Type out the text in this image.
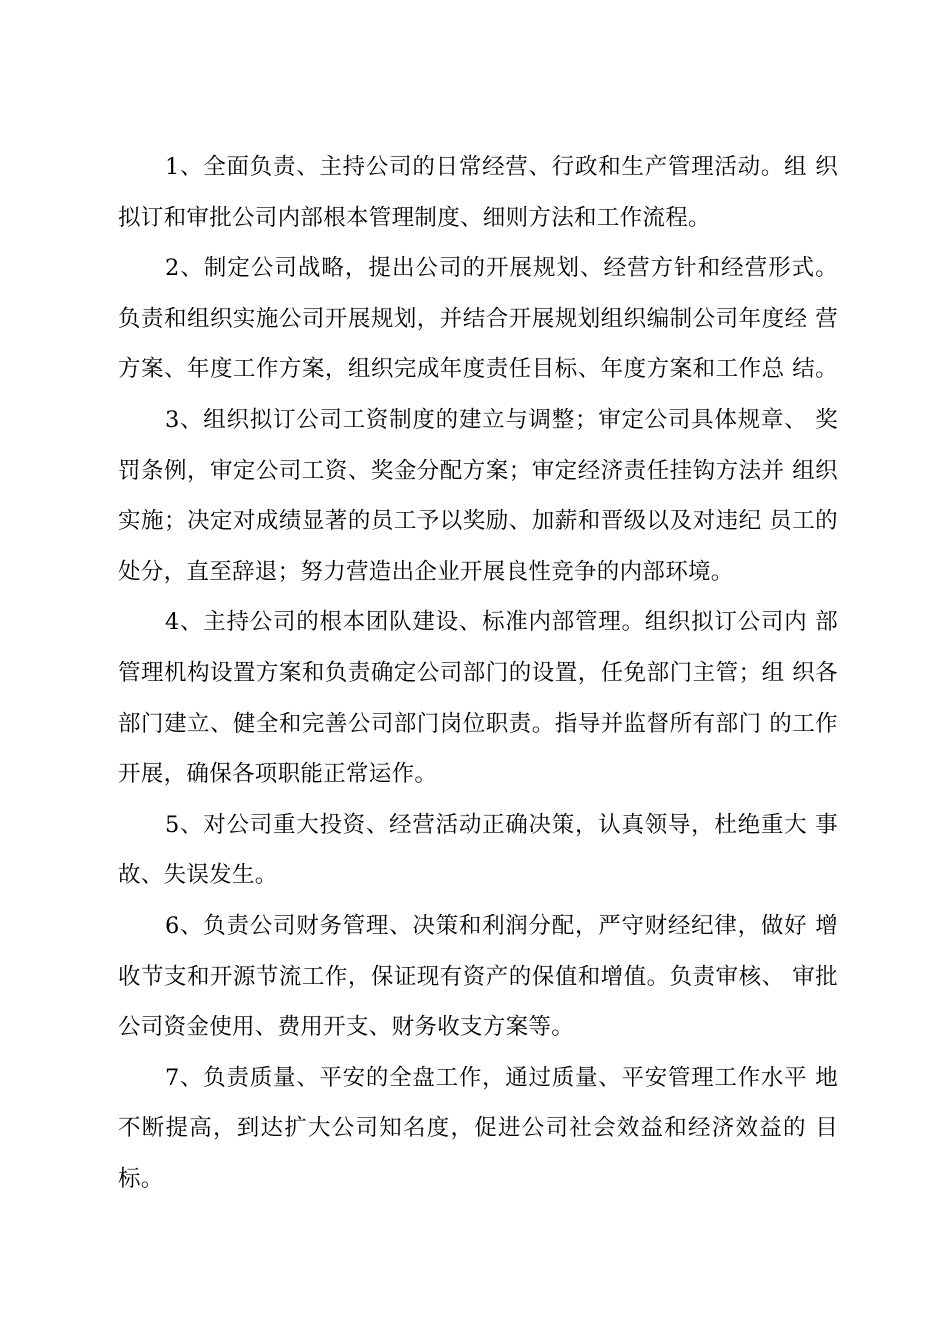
1、全面负责、主持公司的日常经营、行政和生产管理活动。组 织
拟订和审批公司内部根本管理制度、细则方法和工作流程。
2、制定公司战略，提出公司的开展规划、经营方针和经营形式。
负责和组织实施公司开展规划，并结合开展规划组织编制公司年度经 营
方案、年度工作方案，组织完成年度责任目标、年度方案和工作总 结。
3、组织拟订公司工资制度的建立与调整；审定公司具体规章、 奖
罚条例，审定公司工资、奖金分配方案；审定经济责任挂钩方法并 组织
实施；决定对成绩显著的员工予以奖励、加薪和晋级以及对违纪 员工的
处分，直至辞退；努力营造出企业开展良性竞争的内部环境。
4、主持公司的根本团队建设、标准内部管理。组织拟订公司内 部
管理机构设置方案和负责确定公司部门的设置，任免部门主管；组 织各
部门建立、健全和完善公司部门岗位职责。指导并监督所有部门 的工作
开展，确保各项职能正常运作。
5、对公司重大投资、经营活动正确决策，认真领导，杜绝重大 事
故、失误发生。
6、负责公司财务管理、决策和利润分配，严守财经纪律，做好 增
收节支和开源节流工作，保证现有资产的保值和增值。负责审核、 审批
公司资金使用、费用开支、财务收支方案等。
7、负责质量、平安的全盘工作，通过质量、平安管理工作水平 地
不断提高，到达扩大公司知名度，促进公司社会效益和经济效益的 目
标。
